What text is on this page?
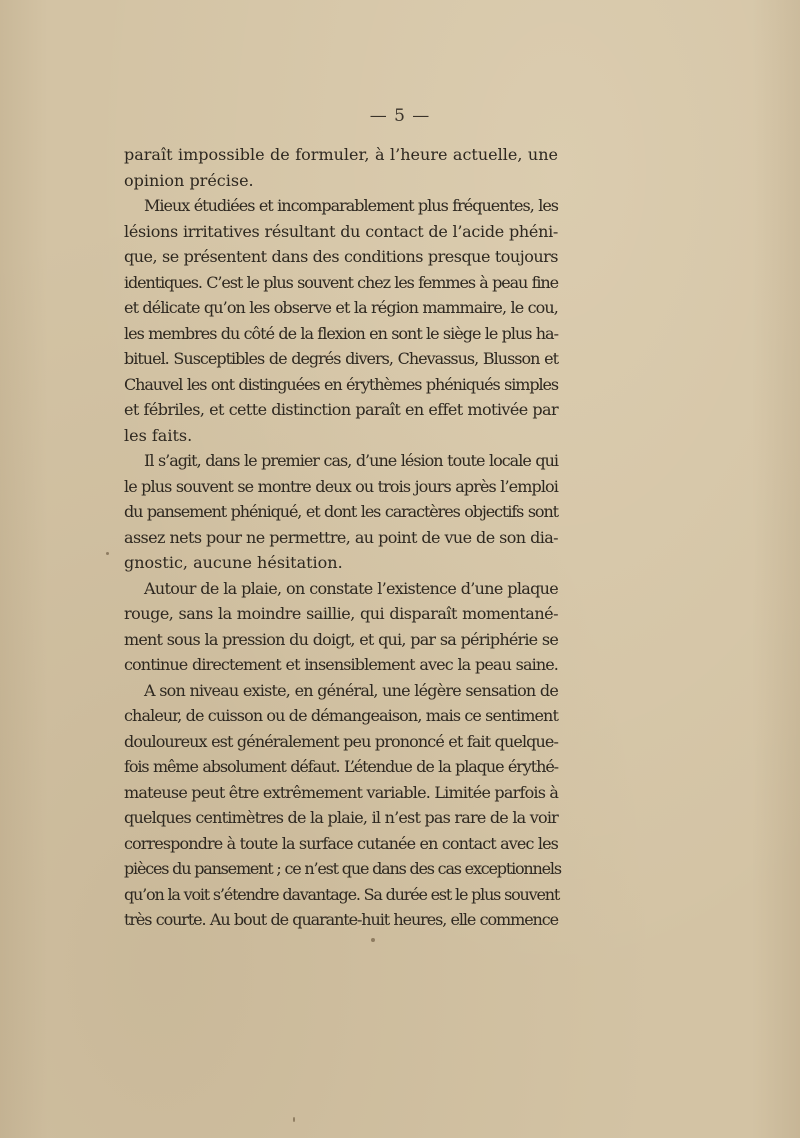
— 5 —
paraît impossible de formuler, à l’heure actuelle, une
opinion précise.
Mieux étudiées et incomparablement plus fréquentes, les
lésions irritatives résultant du contact de l’acide phéni-
que, se présentent dans des conditions presque toujours
identiques. C’est le plus souvent chez les femmes à peau fine
et délicate qu’on les observe et la région mammaire, le cou,
les membres du côté de la flexion en sont le siège le plus ha-
bituel. Susceptibles de degrés divers, Chevassus, Blusson et
Chauvel les ont distinguées en érythèmes phéniqués simples
et fébriles, et cette distinction paraît en effet motivée par
les faits.
Il s’agit, dans le premier cas, d’une lésion toute locale qui
le plus souvent se montre deux ou trois jours après l’emploi
du pansement phéniqué, et dont les caractères objectifs sont
assez nets pour ne permettre, au point de vue de son dia-
gnostic, aucune hésitation.
Autour de la plaie, on constate l’existence d’une plaque
rouge, sans la moindre saillie, qui disparaît momentané-
ment sous la pression du doigt, et qui, par sa périphérie se
continue directement et insensiblement avec la peau saine.
A son niveau existe, en général, une légère sensation de
chaleur, de cuisson ou de démangeaison, mais ce sentiment
douloureux est généralement peu prononcé et fait quelque-
fois même absolument défaut. L’étendue de la plaque érythé-
mateuse peut être extrêmement variable. Limitée parfois à
quelques centimètres de la plaie, il n’est pas rare de la voir
correspondre à toute la surface cutanée en contact avec les
pièces du pansement ; ce n’est que dans des cas exceptionnels
qu’on la voit s’étendre davantage. Sa durée est le plus souvent
très courte. Au bout de quarante-huit heures, elle commence
